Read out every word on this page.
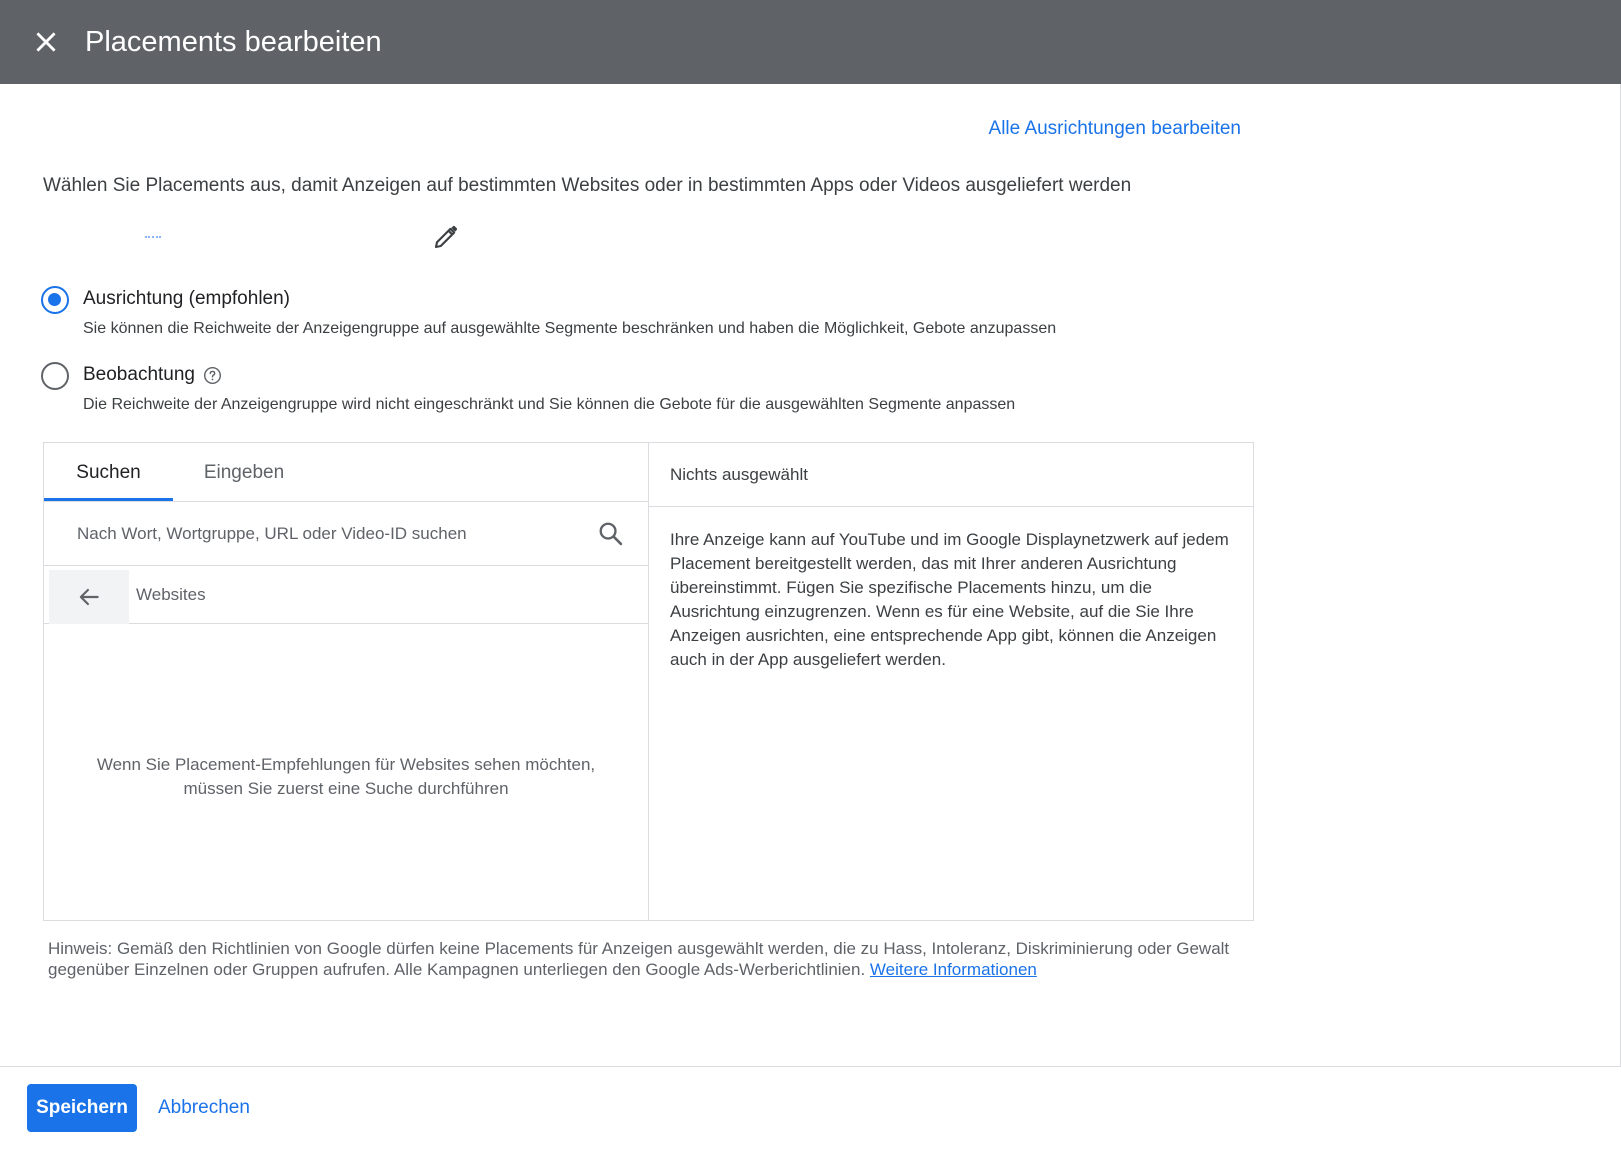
Placements bearbeiten
Alle Ausrichtungen bearbeiten
Wählen Sie Placements aus, damit Anzeigen auf bestimmten Websites oder in bestimmten Apps oder Videos ausgeliefert werden
Ausrichtung (empfohlen)
Sie können die Reichweite der Anzeigengruppe auf ausgewählte Segmente beschränken und haben die Möglichkeit, Gebote anzupassen
Beobachtung
Die Reichweite der Anzeigengruppe wird nicht eingeschränkt und Sie können die Gebote für die ausgewählten Segmente anpassen
Suchen	Eingeben
Nach Wort, Wortgruppe, URL oder Video-ID suchen
Websites
Wenn Sie Placement-Empfehlungen für Websites sehen möchten,
müssen Sie zuerst eine Suche durchführen
Nichts ausgewählt
Ihre Anzeige kann auf YouTube und im Google Displaynetzwerk auf jedem Placement bereitgestellt werden, das mit Ihrer anderen Ausrichtung übereinstimmt. Fügen Sie spezifische Placements hinzu, um die Ausrichtung einzugrenzen. Wenn es für eine Website, auf die Sie Ihre Anzeigen ausrichten, eine entsprechende App gibt, können die Anzeigen auch in der App ausgeliefert werden.
Hinweis: Gemäß den Richtlinien von Google dürfen keine Placements für Anzeigen ausgewählt werden, die zu Hass, Intoleranz, Diskriminierung oder Gewalt gegenüber Einzelnen oder Gruppen aufrufen. Alle Kampagnen unterliegen den Google Ads-Werberichtlinien. Weitere Informationen
Speichern	Abbrechen
